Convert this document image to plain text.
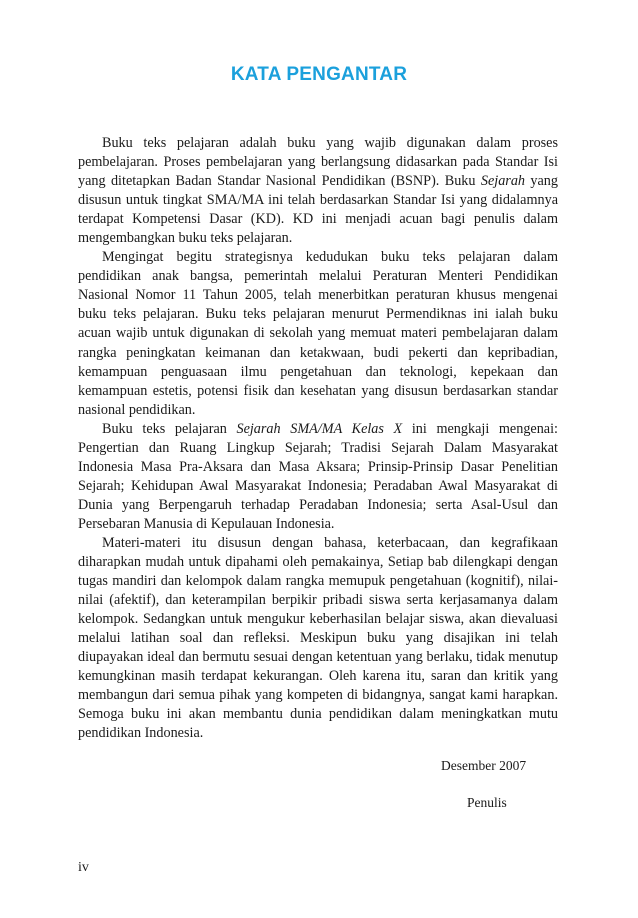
KATA PENGANTAR

Buku teks pelajaran adalah buku yang wajib digunakan dalam proses pembelajaran. Proses pembelajaran yang berlangsung didasarkan pada Standar Isi yang ditetapkan Badan Standar Nasional Pendidikan (BSNP). Buku Sejarah yang disusun untuk tingkat SMA/MA ini telah berdasarkan Standar Isi yang didalamnya terdapat Kompetensi Dasar (KD). KD ini menjadi acuan bagi penulis dalam mengembangkan buku teks pelajaran.

Mengingat begitu strategisnya kedudukan buku teks pelajaran dalam pendidikan anak bangsa, pemerintah melalui Peraturan Menteri Pendidikan Nasional Nomor 11 Tahun 2005, telah menerbitkan peraturan khusus mengenai buku teks pelajaran. Buku teks pelajaran menurut Permendiknas ini ialah buku acuan wajib untuk digunakan di sekolah yang memuat materi pembelajaran dalam rangka peningkatan keimanan dan ketakwaan, budi pekerti dan kepribadian, kemampuan penguasaan ilmu pengetahuan dan teknologi, kepekaan dan kemampuan estetis, potensi fisik dan kesehatan yang disusun berdasarkan standar nasional pendidikan.

Buku teks pelajaran Sejarah SMA/MA Kelas X ini mengkaji mengenai: Pengertian dan Ruang Lingkup Sejarah; Tradisi Sejarah Dalam Masyarakat Indonesia Masa Pra-Aksara dan Masa Aksara; Prinsip-Prinsip Dasar Penelitian Sejarah; Kehidupan Awal Masyarakat Indonesia; Peradaban Awal Masyarakat di Dunia yang Berpengaruh terhadap Peradaban Indonesia; serta Asal-Usul dan Persebaran Manusia di Kepulauan Indonesia.

Materi-materi itu disusun dengan bahasa, keterbacaan, dan kegrafikaan diharapkan mudah untuk dipahami oleh pemakainya, Setiap bab dilengkapi dengan tugas mandiri dan kelompok dalam rangka memupuk pengetahuan (kognitif), nilai-nilai (afektif), dan keterampilan berpikir pribadi siswa serta kerjasamanya dalam kelompok. Sedangkan untuk mengukur keberhasilan belajar siswa, akan dievaluasi melalui latihan soal dan refleksi. Meskipun buku yang disajikan ini telah diupayakan ideal dan bermutu sesuai dengan ketentuan yang berlaku, tidak menutup kemungkinan masih terdapat kekurangan. Oleh karena itu, saran dan kritik yang membangun dari semua pihak yang kompeten di bidangnya, sangat kami harapkan. Semoga buku ini akan membantu dunia pendidikan dalam meningkatkan mutu pendidikan Indonesia.

Desember 2007
Penulis
iv
